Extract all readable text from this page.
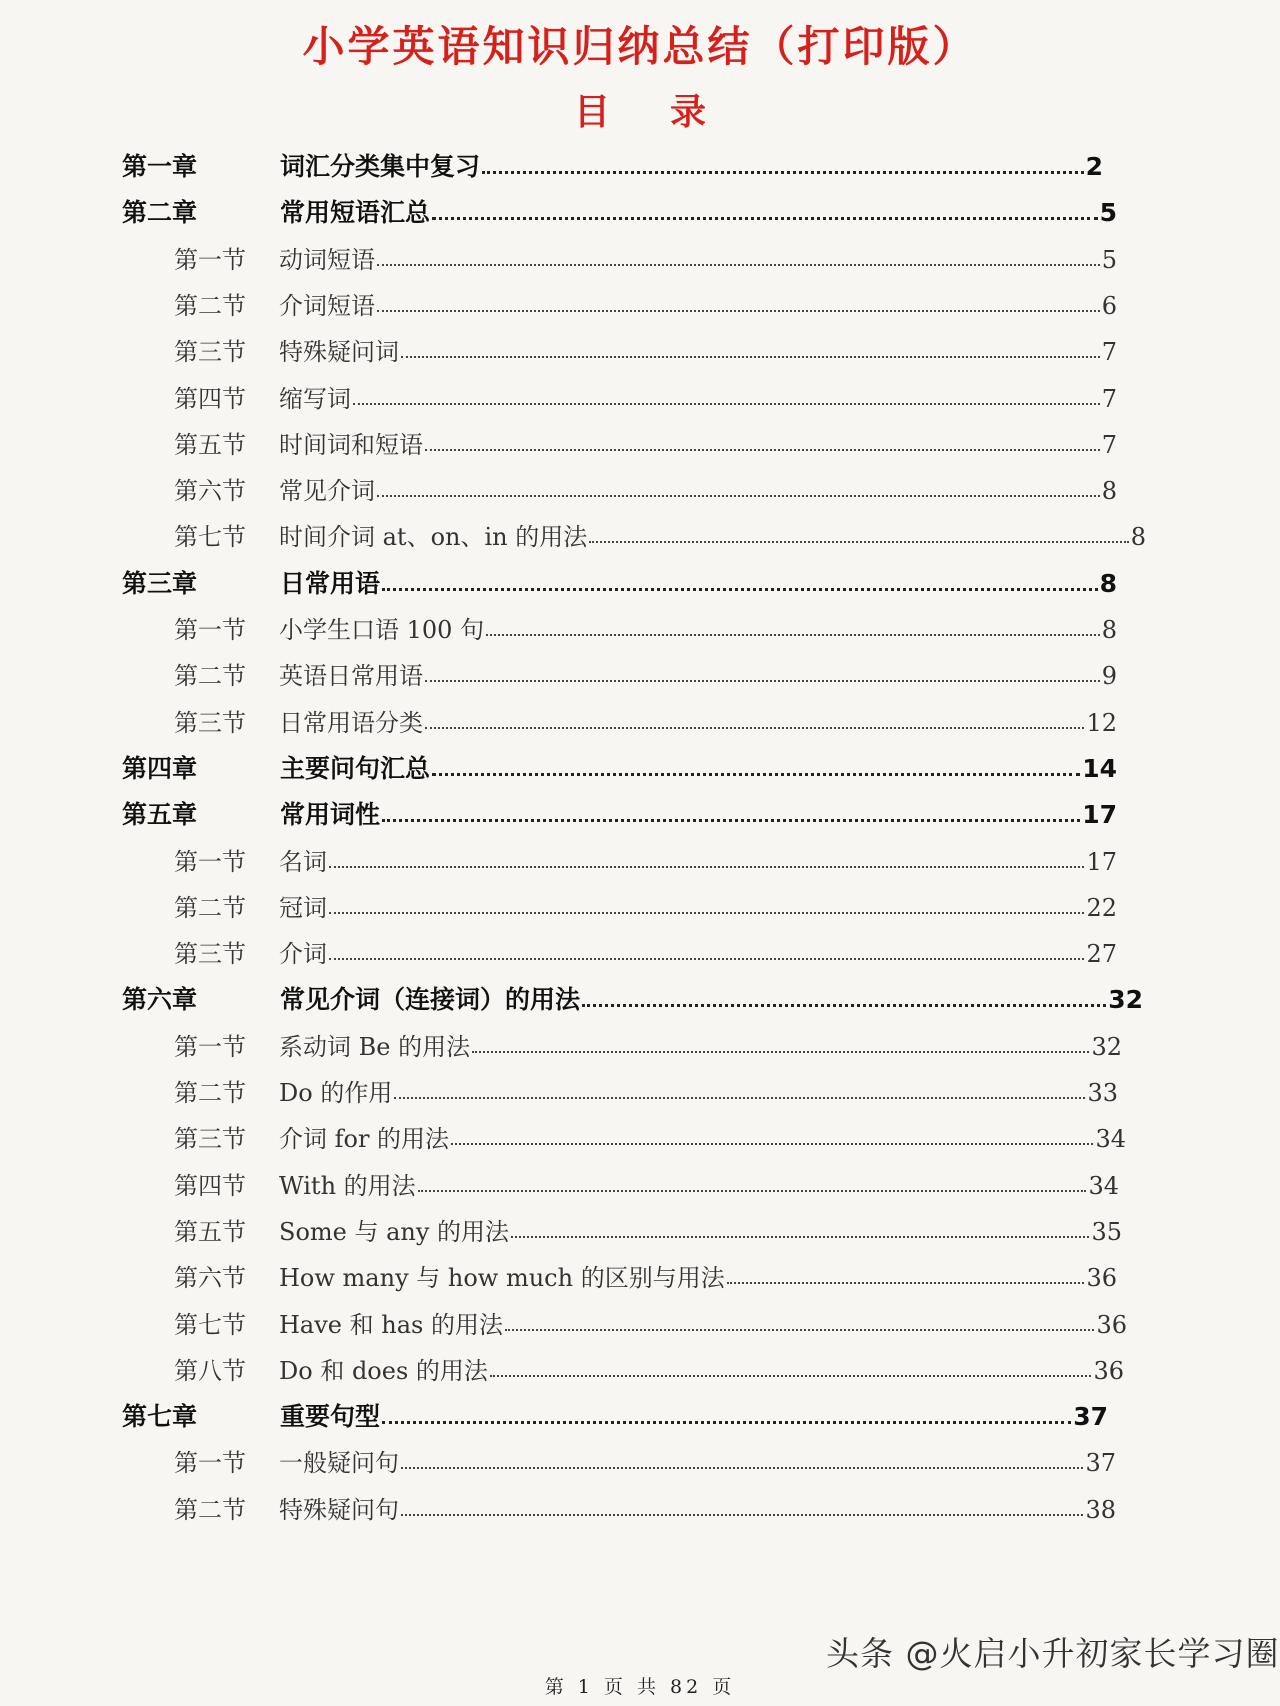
小学英语知识归纳总结（打印版）
目录
第一章	词汇分类集中复习	2
第二章	常用短语汇总	5
第一节	动词短语	5
第二节	介词短语	6
第三节	特殊疑问词	7
第四节	缩写词	7
第五节	时间词和短语	7
第六节	常见介词	8
第七节	时间介词 at、on、in 的用法	8
第三章	日常用语	8
第一节	小学生口语 100 句	8
第二节	英语日常用语	9
第三节	日常用语分类	12
第四章	主要问句汇总	14
第五章	常用词性	17
第一节	名词	17
第二节	冠词	22
第三节	介词	27
第六章	常见介词（连接词）的用法	32
第一节	系动词 Be 的用法	32
第二节	Do 的作用	33
第三节	介词 for 的用法	34
第四节	With 的用法	34
第五节	Some 与 any 的用法	35
第六节	How many 与 how much 的区别与用法	36
第七节	Have 和 has 的用法	36
第八节	Do 和 does 的用法	36
第七章	重要句型	37
第一节	一般疑问句	37
第二节	特殊疑问句	38
第 1 页 共 82 页
头条 @火启小升初家长学习圈
